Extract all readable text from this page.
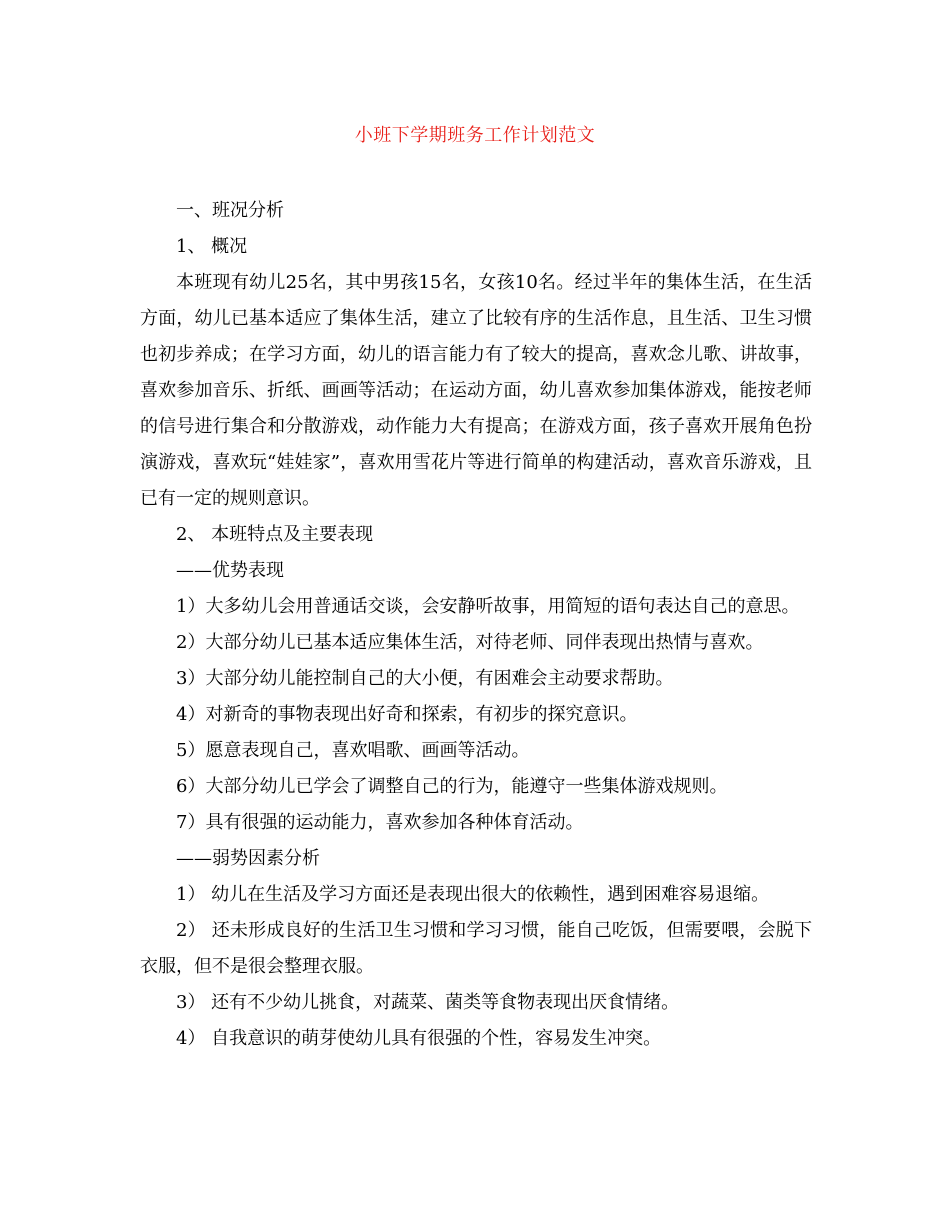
小班下学期班务工作计划范文

一、班况分析

1、 概况

本班现有幼儿25名，其中男孩15名，女孩10名。经过半年的集体生活，在生活方面，幼儿已基本适应了集体生活，建立了比较有序的生活作息，且生活、卫生习惯也初步养成；在学习方面，幼儿的语言能力有了较大的提高，喜欢念儿歌、讲故事，喜欢参加音乐、折纸、画画等活动；在运动方面，幼儿喜欢参加集体游戏，能按老师的信号进行集合和分散游戏，动作能力大有提高；在游戏方面，孩子喜欢开展角色扮演游戏，喜欢玩“娃娃家”，喜欢用雪花片等进行简单的构建活动，喜欢音乐游戏，且已有一定的规则意识。

2、 本班特点及主要表现

——优势表现

1）大多幼儿会用普通话交谈，会安静听故事，用简短的语句表达自己的意思。

2）大部分幼儿已基本适应集体生活，对待老师、同伴表现出热情与喜欢。

3）大部分幼儿能控制自己的大小便，有困难会主动要求帮助。

4）对新奇的事物表现出好奇和探索，有初步的探究意识。

5）愿意表现自己，喜欢唱歌、画画等活动。

6）大部分幼儿已学会了调整自己的行为，能遵守一些集体游戏规则。

7）具有很强的运动能力，喜欢参加各种体育活动。

——弱势因素分析

1） 幼儿在生活及学习方面还是表现出很大的依赖性，遇到困难容易退缩。

2） 还未形成良好的生活卫生习惯和学习习惯，能自己吃饭，但需要喂，会脱下衣服，但不是很会整理衣服。

3） 还有不少幼儿挑食，对蔬菜、菌类等食物表现出厌食情绪。

4） 自我意识的萌芽使幼儿具有很强的个性，容易发生冲突。
